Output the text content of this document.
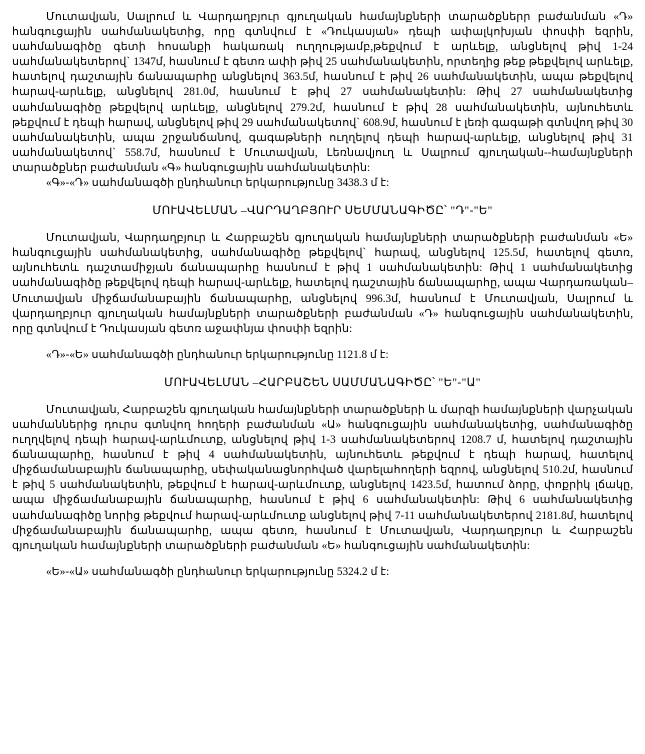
Մուտավյան, Սալրում և Վարդաղբյուր գյուղական համայնքների տարածքներր բաժանման «Դ» հանգուցային սահմանակետից, որը գտնվում է «Դուկասյան» դեպի ափալկոխյան փոսփի եզրին, սահմանագիծը գետի հոսանքի հակառակ ուղղությամբ,թեքվում է արևելք, անցնելով թիվ 1-24 սահմանակետերով` 1347մ, հասնում է գետռ ափի թիվ 25 սահմանակետին, որտեղից թեք թեքվելով արևելք, հատելով դաշտային ճանապարհը անցնելով 363.5մ, հասնում է թիվ 26 սահմանակետին, ապա թեքվելով հարավ-արևելք, անցնելով 281.0մ, հասնում է թիվ 27 սահմանակետին: Թիվ 27 սահմանակետից սահմանագիծը թեքվելով արևելք, անցնելով 279.2մ, հասնում է թիվ 28 սահմանակետին, այնուհետև թեքվում է դեպի հարավ, անցնելով թիվ 29 սահմանակետով` 608.9մ, հասնում է լեռի գագաթի գտնվող թիվ 30 սահմանակետին, ապա շրջանճանով, գագաթների ուղղելով դեպի հարավ-արևելք, անցնելով թիվ 31 սահմանակետով` 558.7մ, հասնում է Մուտավյան, Լեռնավյուղ և Սալրում գյուղական--համայնքների տարածքներ բաժանման «Գ» հանգուցային սահմանակետին:

«Գ»-«Դ» սահմանագծի ընդհանուր երկարությունը 3438.3 մ է:

ՄՈՒԱՎԵԼՄԱՆ –ՎԱՐԴԱՂԲՅՈՒՐ ՍԵՄՄԱՆԱԳԻԾԸ՝ "Դ"-"Ե"

Մուտավյան, Վարդաղբյուր և Հարբաշեն գյուղական համայնքների տարածքների բաժանման «Ե» հանգուցային սահմանակետից, սահմանագիծը թեքվելով` հարավ, անցնելով 125.5մ, հատելով գետռ, այնուհետև դաշտամիջյան ճանապարհը հասնում է թիվ 1 սահմանակետին: Թիվ 1 սահմանակետից սահմանագիծը թեքվելով դեպի հարավ-արևելք, հատելով դաշտային ճանապարհը, ապա Վարդառական–Մուտավյան միջճամանաբային ճանապարհը, անցնելով 996.3մ, հասնում է Մուտավյան, Սալրում և վարդաղբյուր գյուղական համայնքների տարածքների բաժանման «Դ» հանգուցային սահմանակետին, որը գտնվում է Դուկասյան գետռ աջափնյա փոսփի եզրին:

«Դ»-«Ե» սահմանագծի ընդհանուր երկարությունը 1121.8 մ է:

ՄՈՒԱՎԵԼՄԱՆ –ՀԱՐԲԱՇԵՆ ՍԱՄՄԱՆԱԳԻԾԸ՝ "Ե"-"Ա"

Մուտավյան, Հարբաշեն գյուղական համայնքների տարածքների և մարզի համայնքների վարչական սահմաններից դուրս գտնվող հողերի բաժանման «Ա» հանգուցային սահմանակետից, սահմանագիծը ուղղվելով դեպի հարավ-արևմուտք, անցնելով թիվ 1-3 սահմանակետերով 1208.7 մ, հատելով դաշտային ճանապարհը, հասնում է թիվ 4 սահմանակետին, այնուհետև թեքվում է դեպի հարավ, հատելով միջճամանաբային ճանապարհը, սեփականացնորհված վարելահողերի եզրով, անցնելով 510.2մ, հասնում է թիվ 5 սահմանակետին, թեքվում է հարավ-արևմուտք, անցնելով 1423.5մ, հատում ձորը, փոքրիկ լճակը, ապա միջճամանաբային ճանապարհը, հասնում է թիվ 6 սահմանակետին: Թիվ 6 սահմանակետից սահմանագիծը նորից թեքվում հարավ-արևմուտք անցնելով թիվ 7-11 սահմանակետերով 2181.8մ, հատելով միջճամանաբային ճանապարհը, ապա գետռ, հասնում է Մուտավյան, Վարդաղբյուր և Հարբաշեն գյուղական համայնքների տարածքների բաժանման «Ե» հանգուցային սահմանակետին:

«Ե»-«Ա» սահմանագծի ընդհանուր երկարությունը 5324.2 մ է:
